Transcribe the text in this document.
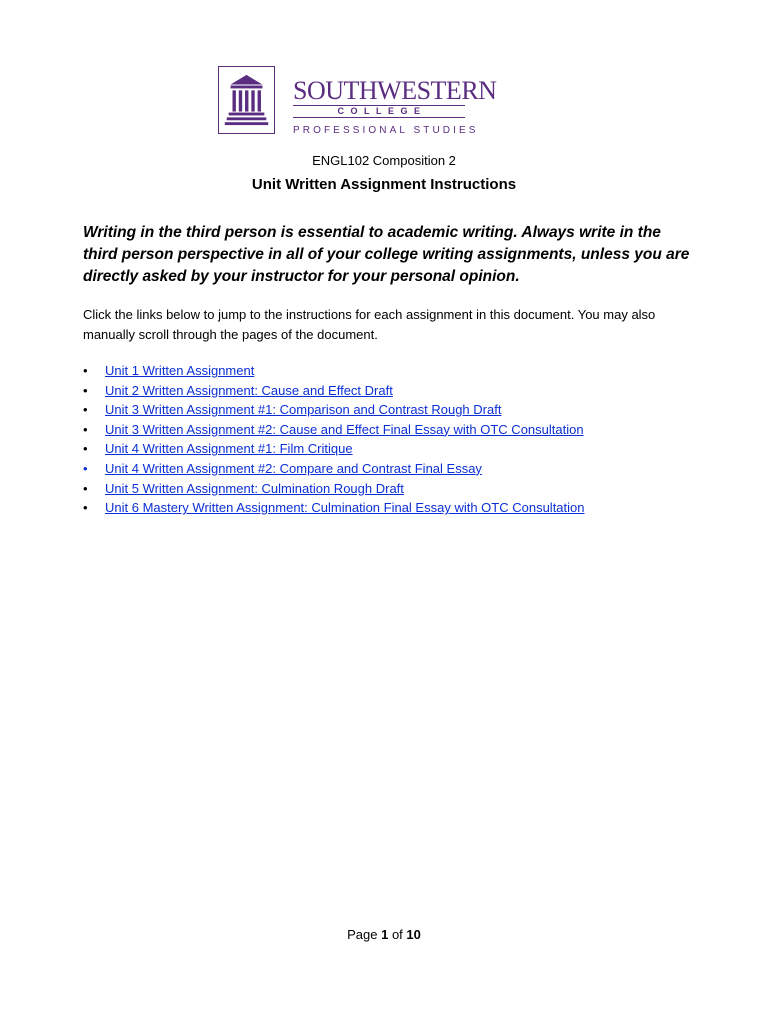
SOUTHWESTERN
COLLEGE
PROFESSIONAL STUDIES
ENGL102 Composition 2
Unit Written Assignment Instructions
Writing in the third person is essential to academic writing. Always write in the third person perspective in all of your college writing assignments, unless you are directly asked by your instructor for your personal opinion.
Click the links below to jump to the instructions for each assignment in this document. You may also manually scroll through the pages of the document.
•	Unit 1 Written Assignment
•	Unit 2 Written Assignment: Cause and Effect Draft
•	Unit 3 Written Assignment #1: Comparison and Contrast Rough Draft
•	Unit 3 Written Assignment #2: Cause and Effect Final Essay with OTC Consultation
•	Unit 4 Written Assignment #1: Film Critique
•	Unit 4 Written Assignment #2: Compare and Contrast Final Essay
•	Unit 5 Written Assignment: Culmination Rough Draft
•	Unit 6 Mastery Written Assignment: Culmination Final Essay with OTC Consultation
Page 1 of 10
